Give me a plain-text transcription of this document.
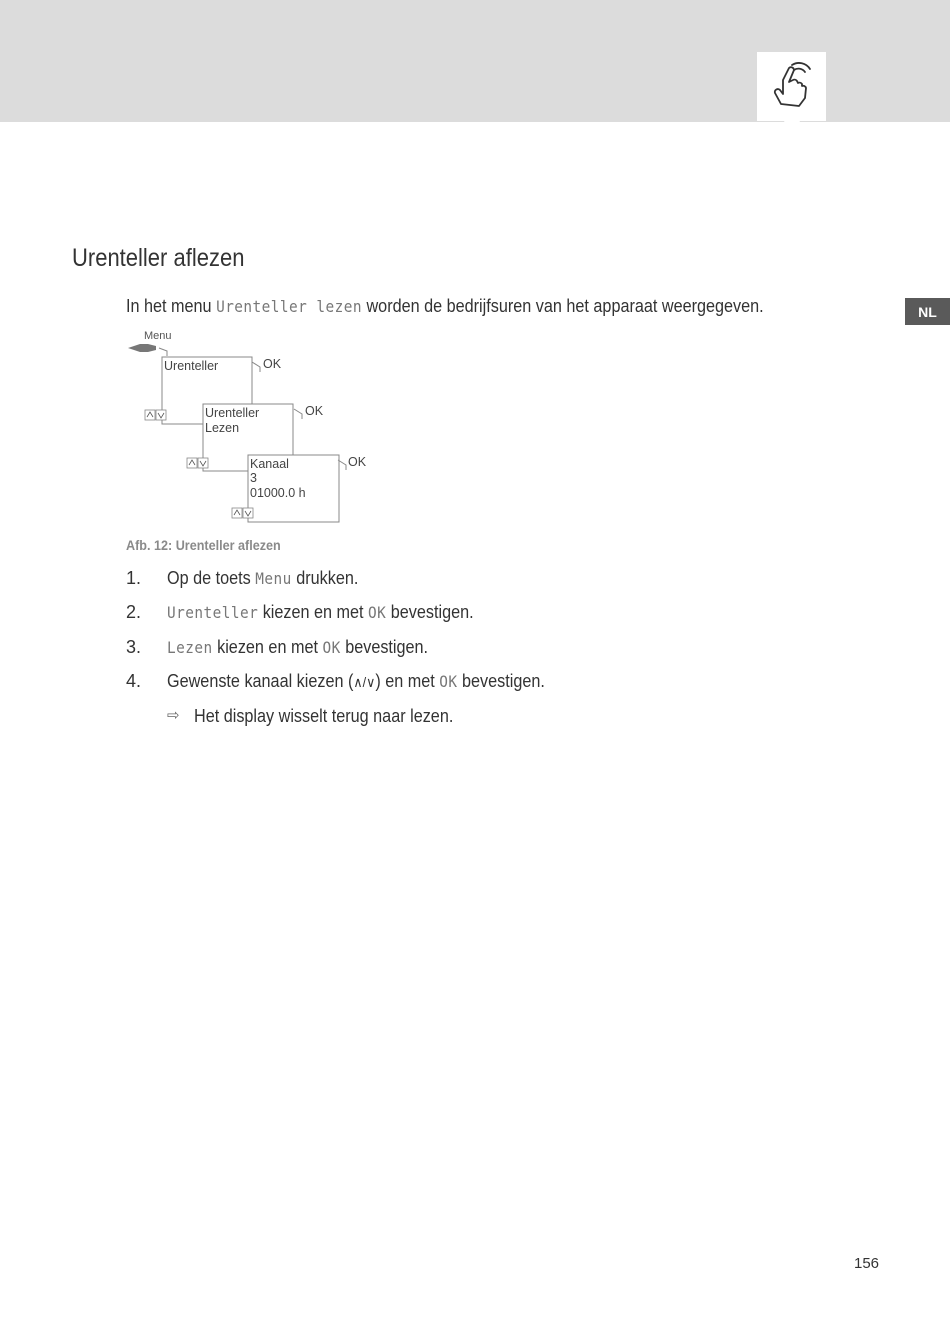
NL
Urenteller aflezen
In het menu Urenteller lezen worden de bedrijfsuren van het apparaat weergegeven.
Menu
Urenteller	OK
Urenteller
Lezen
OK
Kanaal
3
01000.0 h
OK
Afb. 12: Urenteller aflezen
1. Op de toets Menu drukken.
2. Urenteller kiezen en met OK bevestigen.
3. Lezen kiezen en met OK bevestigen.
4. Gewenste kanaal kiezen (∧/∨) en met OK bevestigen.
⇨ Het display wisselt terug naar lezen.
156
